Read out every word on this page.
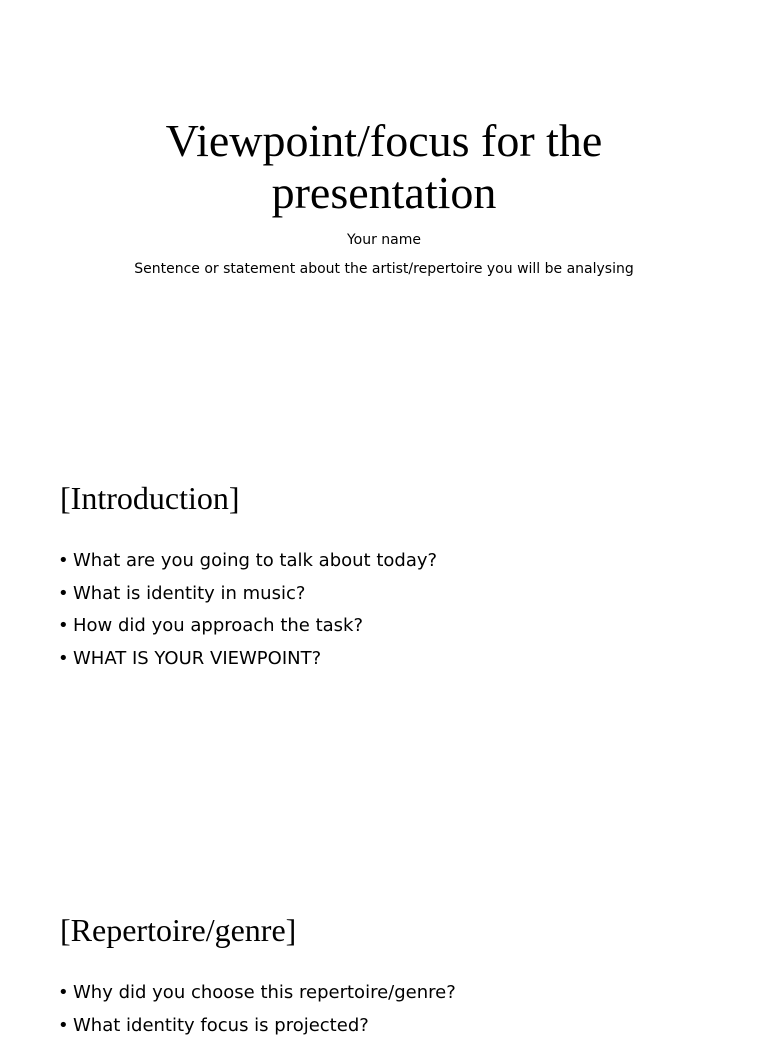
Viewpoint/focus for the
presentation

Your name

Sentence or statement about the artist/repertoire you will be analysing

[Introduction]
• What are you going to talk about today?
• What is identity in music?
• How did you approach the task?
• WHAT IS YOUR VIEWPOINT?
[Repertoire/genre]
• Why did you choose this repertoire/genre?
• What identity focus is projected?
